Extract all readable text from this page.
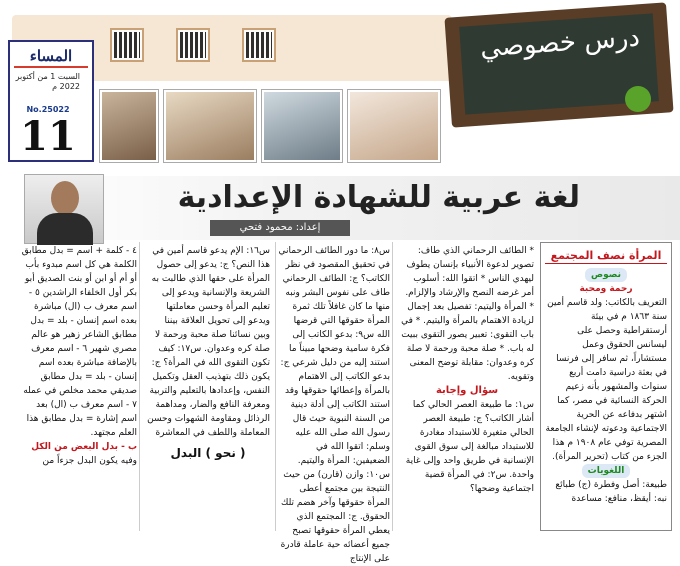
المساء
السبت 1 من أكتوبر 2022 م
No.25022
11
درس خصوصي
لغة عربية للشهادة الإعدادية
إعداد: محمود فتحي
المرأة نصف المجتمع

نصوص

رحمة ومحبة

التعريف بالكاتب: ولد قاسم أمين سنة ١٨٦٣ م في بيئة أرستقراطية وحصل على ليسانس الحقوق وعمل مستشاراً، ثم سافر إلى فرنسا في بعثة دراسية دامت أربع سنوات والمشهور بأنه زعيم الحركة النسائية في مصر، كما اشتهر بدفاعه عن الحرية الاجتماعية ودعوته لإنشاء الجامعة المصرية توفي عام ١٩٠٨ م هذا الجزء من كتاب (تحرير المرأة).

اللغويات

طبيعة: أصل وفطرة (ج) طبائع نبه: أيقظ، منافع: مساعدة

* الطائف الرحماني الذي طاف: تصوير لدعوة الأنبياء بإنسان يطوف ليهدي الناس * اتقوا الله: أسلوب أمر غرضه النصح والإرشاد والإلزام. * المرأة واليتيم: تفصيل بعد إجمال لزيادة الاهتمام بالمرأة واليتيم. * في باب التقوى: تعبير يصور التقوى ببيت له باب. * صلة محبة ورحمة لا صلة كره وعدوان: مقابلة توضح المعنى وتقويه.

سؤال وإجابة

س١: ما طبيعة العصر الحالي كما أشار الكاتب؟ ج: طبيعة العصر الحالي متغيرة للاستبداد مغادرة للاستبداد مبالغة إلى سوق القوى الإنسانية في طريق واحد وإلى غاية واحدة. س٢: في المرأة قضية اجتماعية وضحها؟

س٨: ما دور الطائف الرحماني في تحقيق المقصود في نظر الكاتب؟ ج: الطائف الرحماني طاف على نفوس البشر ونبه منها ما كان غافلاً تلك ثمرة المرأة حقوقها التي قرضها الله س٩: بدعو الكاتب إلى فكرة سامية وضحها مبيناً ما استند إليه من دليل شرعي ج: بدعو الكاتب إلى الاهتمام بالمرأة وإعطائها حقوقها وقد استند الكاتب إلى أدلة دينية من السنة النبوية حيث قال رسول الله صلى الله عليه وسلم: اتقوا الله في الضعيفين: المرأة واليتيم. س١٠: وازن (قارن) من حيث النتيجة بين مجتمع أعطى المرأة حقوقها وآخر هضم تلك الحقوق. ج: المجتمع الذي يعطي المرأة حقوقها تصبح جميع أعضائه حية عاملة قادرة على الإنتاج

س١٦: الإم يدعو قاسم أمين في هذا النص؟ ج: يدعو إلى حصول المرأة على حقها الذي طالبت به الشريعة والإنسانية ويدعو إلى تعليم المرأة وحسن معاملتها ويدعو إلى تحويل العلاقة بيننا وبين نسائنا صلة محبة ورحمة لا صلة كره وعدوان. س١٧: كيف تكون التقوى الله في المرأة؟ ج: يكون ذلك بتهذيب العقل وتكميل النفس، وإعدادها بالتعليم والتربية ومعرفة النافع والضار، ومداهمة الرذائل ومقاومة الشهوات وحسن المعاملة واللطف في المعاشرة

( نحو ) البدل

٤ - كلمة + اسم = بدل مطابق الكلمة هي كل اسم مبدوء بأب أو أم أو ابن أو بنت الصديق أبو بكر أول الخلفاء الراشدين ٥ - اسم معرف ب (ال) مباشرة بعده اسم إنسان - بلد = بدل مطابق الشاعر زهير هو عالم مصري شهير ٦ - اسم معرف بالإضافة مباشرة بعده اسم إنسان - بلد = بدل مطابق صديقي محمد مخلص في عمله ٧ - اسم معرف ب (ال) بعد اسم إشارة = بدل مطابق هذا العلم مجتهد.

ب - بدل البعض من الكل

وفيه يكون البدل جزءاً من
